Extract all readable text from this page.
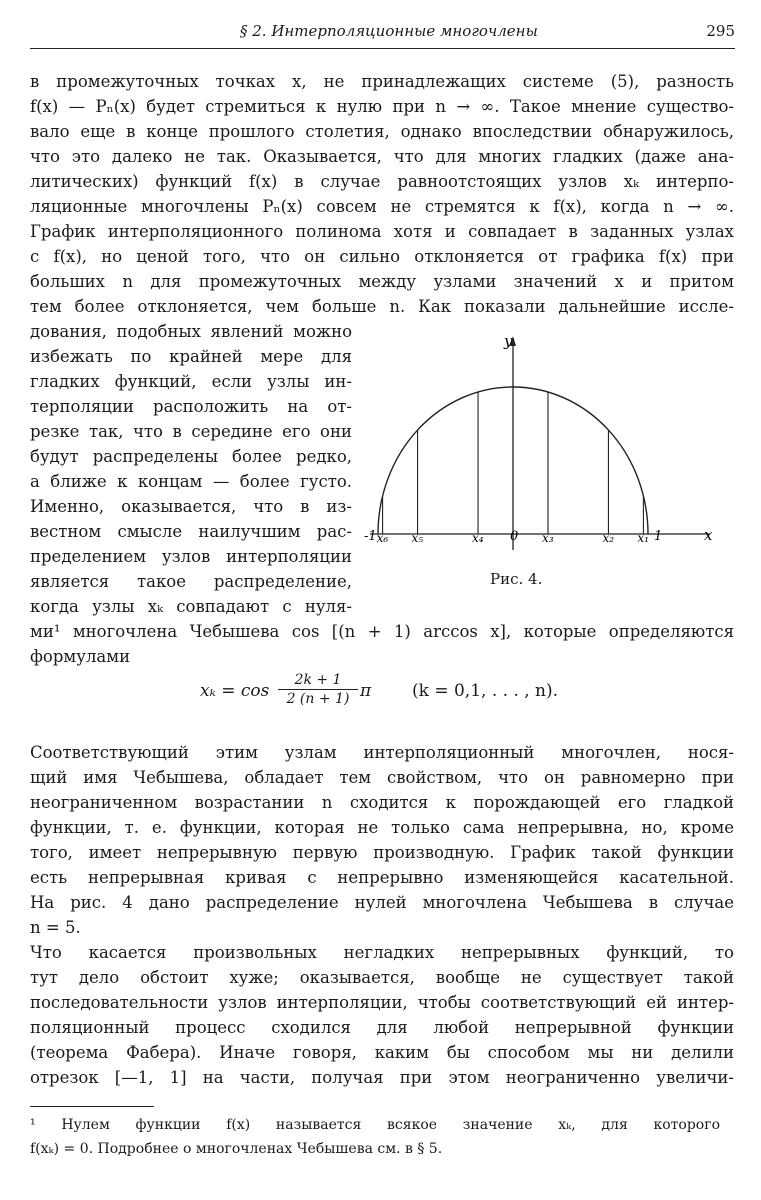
§ 2. Интерполяционные многочлены	295
в промежуточных точках x, не принадлежащих системе (5), разность
f(x) — Pₙ(x) будет стремиться к нулю при n → ∞. Такое мнение существо-
вало еще в конце прошлого столетия, однако впоследствии обнаружилось,
что это далеко не так. Оказывается, что для многих гладких (даже ана-
литических) функций f(x) в случае равноотстоящих узлов xₖ интерпо-
ляционные многочлены Pₙ(x) совсем не стремятся к f(x), когда n → ∞.
График интерполяционного полинома хотя и совпадает в заданных узлах
с f(x), но ценой того, что он сильно отклоняется от графика f(x) при
больших n для промежуточных между узлами значений x и притом
тем более отклоняется, чем больше n. Как показали дальнейшие иссле-
дования, подобных явлений можно
избежать по крайней мере для
гладких функций, если узлы ин-
терполяции расположить на от-
резке так, что в середине его они
будут распределены более редко,
а ближе к концам — более густо.
Именно, оказывается, что в из-
вестном смысле наилучшим рас-
пределением узлов интерполяции
является такое распределение,
когда узлы xₖ совпадают с нуля-
ми¹ многочлена Чебышева cos [(n + 1) arccos x], которые определяются
формулами
x₁
x₂
x₃
x₄
x₅
x₆	x
y
-1	0	1
Рис. 4.
$x_k = \cos \frac{2k + 1}{2 (n + 1)}$ π (k = 0,1, . . . , n).
Соответствующий этим узлам интерполяционный многочлен, нося-
щий имя Чебышева, обладает тем свойством, что он равномерно при
неограниченном возрастании n сходится к порождающей его гладкой
функции, т. е. функции, которая не только сама непрерывна, но, кроме
того, имеет непрерывную первую производную. График такой функции
есть непрерывная кривая с непрерывно изменяющейся касательной.
На рис. 4 дано распределение нулей многочлена Чебышева в случае
n = 5.
Что касается произвольных негладких непрерывных функций, то
тут дело обстоит хуже; оказывается, вообще не существует такой
последовательности узлов интерполяции, чтобы соответствующий ей интер-
поляционный процесс сходился для любой непрерывной функции
(теорема Фабера). Иначе говоря, каким бы способом мы ни делили
отрезок [—1, 1] на части, получая при этом неограниченно увеличи-
¹ Нулем функции f(x) называется всякое значение xₖ, для которого
f(xₖ) = 0. Подробнее о многочленах Чебышева см. в § 5.
